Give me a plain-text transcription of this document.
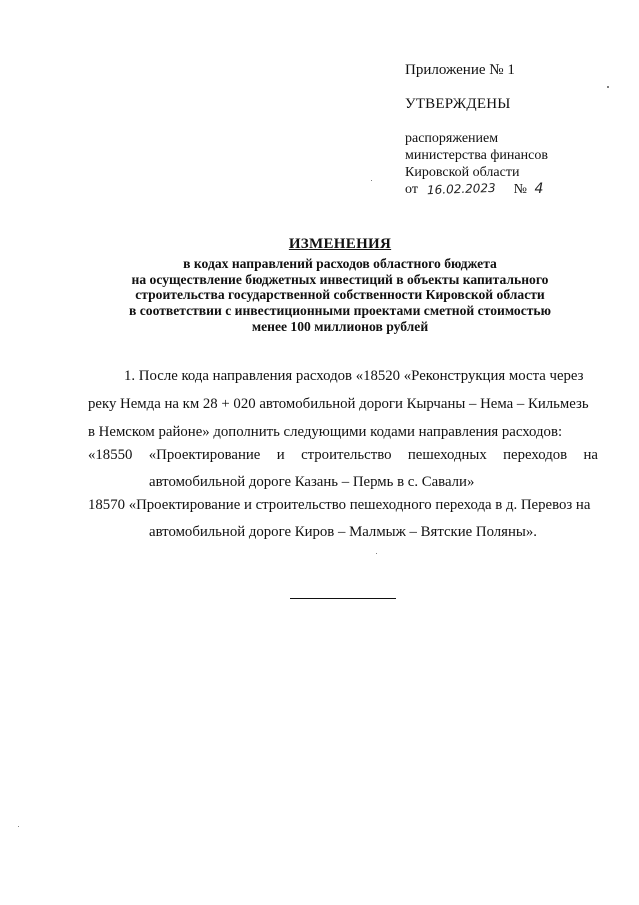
Приложение № 1
УТВЕРЖДЕНЫ
распоряжением
министерства финансов
Кировской области
от 16.02.2023 № 4
ИЗМЕНЕНИЯ
в кодах направлений расходов областного бюджета
на осуществление бюджетных инвестиций в объекты капитального
строительства государственной собственности Кировской области
в соответствии с инвестиционными проектами сметной стоимостью
менее 100 миллионов рублей
1. После кода направления расходов «18520 «Реконструкция моста через
реку Немда на км 28 + 020 автомобильной дороги Кырчаны – Нема – Кильмезь
в Немском районе» дополнить следующими кодами направления расходов:
«18550 «Проектирование и строительство пешеходных переходов на
автомобильной дороге Казань – Пермь в с. Савали»
18570 «Проектирование и строительство пешеходного перехода в д. Перевоз на
автомобильной дороге Киров – Малмыж – Вятские Поляны».
